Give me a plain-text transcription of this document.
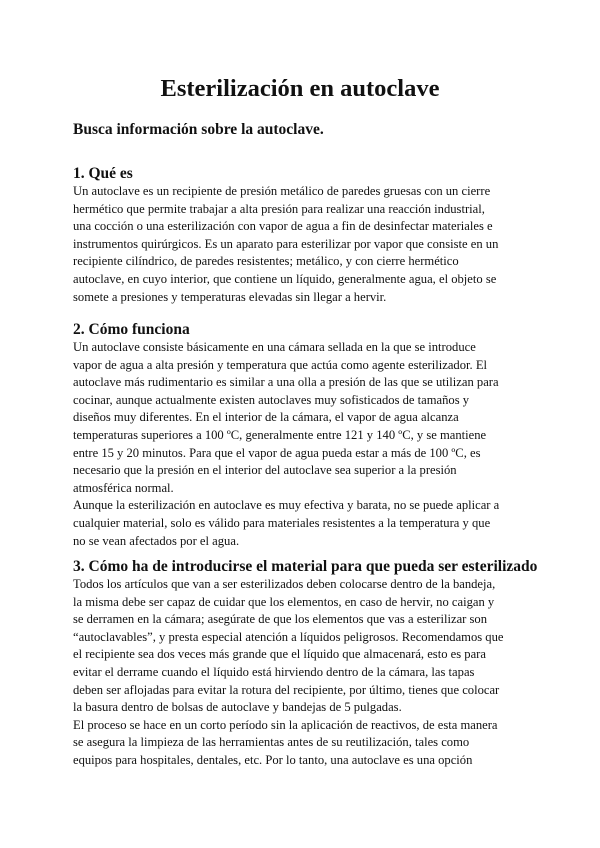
Esterilización en autoclave

Busca información sobre la autoclave.

1. Qué es
Un autoclave es un recipiente de presión metálico de paredes gruesas con un cierre
hermético que permite trabajar a alta presión para realizar una reacción industrial,
una cocción o una esterilización con vapor de agua a fin de desinfectar materiales e
instrumentos quirúrgicos. Es un aparato para esterilizar por vapor que consiste en un
recipiente cilíndrico, de paredes resistentes; metálico, y con cierre hermético
autoclave, en cuyo interior, que contiene un líquido, generalmente agua, el objeto se
somete a presiones y temperaturas elevadas sin llegar a hervir.
2. Cómo funciona
Un autoclave consiste básicamente en una cámara sellada en la que se introduce
vapor de agua a alta presión y temperatura que actúa como agente esterilizador. El
autoclave más rudimentario es similar a una olla a presión de las que se utilizan para
cocinar, aunque actualmente existen autoclaves muy sofisticados de tamaños y
diseños muy diferentes. En el interior de la cámara, el vapor de agua alcanza
temperaturas superiores a 100 ºC, generalmente entre 121 y 140 ºC, y se mantiene
entre 15 y 20 minutos. Para que el vapor de agua pueda estar a más de 100 ºC, es
necesario que la presión en el interior del autoclave sea superior a la presión
atmosférica normal.
Aunque la esterilización en autoclave es muy efectiva y barata, no se puede aplicar a
cualquier material, solo es válido para materiales resistentes a la temperatura y que
no se vean afectados por el agua.
3. Cómo ha de introducirse el material para que pueda ser esterilizado
Todos los artículos que van a ser esterilizados deben colocarse dentro de la bandeja,
la misma debe ser capaz de cuidar que los elementos, en caso de hervir, no caigan y
se derramen en la cámara; asegúrate de que los elementos que vas a esterilizar son
“autoclavables”, y presta especial atención a líquidos peligrosos. Recomendamos que
el recipiente sea dos veces más grande que el líquido que almacenará, esto es para
evitar el derrame cuando el líquido está hirviendo dentro de la cámara, las tapas
deben ser aflojadas para evitar la rotura del recipiente, por último, tienes que colocar
la basura dentro de bolsas de autoclave y bandejas de 5 pulgadas.
El proceso se hace en un corto período sin la aplicación de reactivos, de esta manera
se asegura la limpieza de las herramientas antes de su reutilización, tales como
equipos para hospitales, dentales, etc. Por lo tanto, una autoclave es una opción
